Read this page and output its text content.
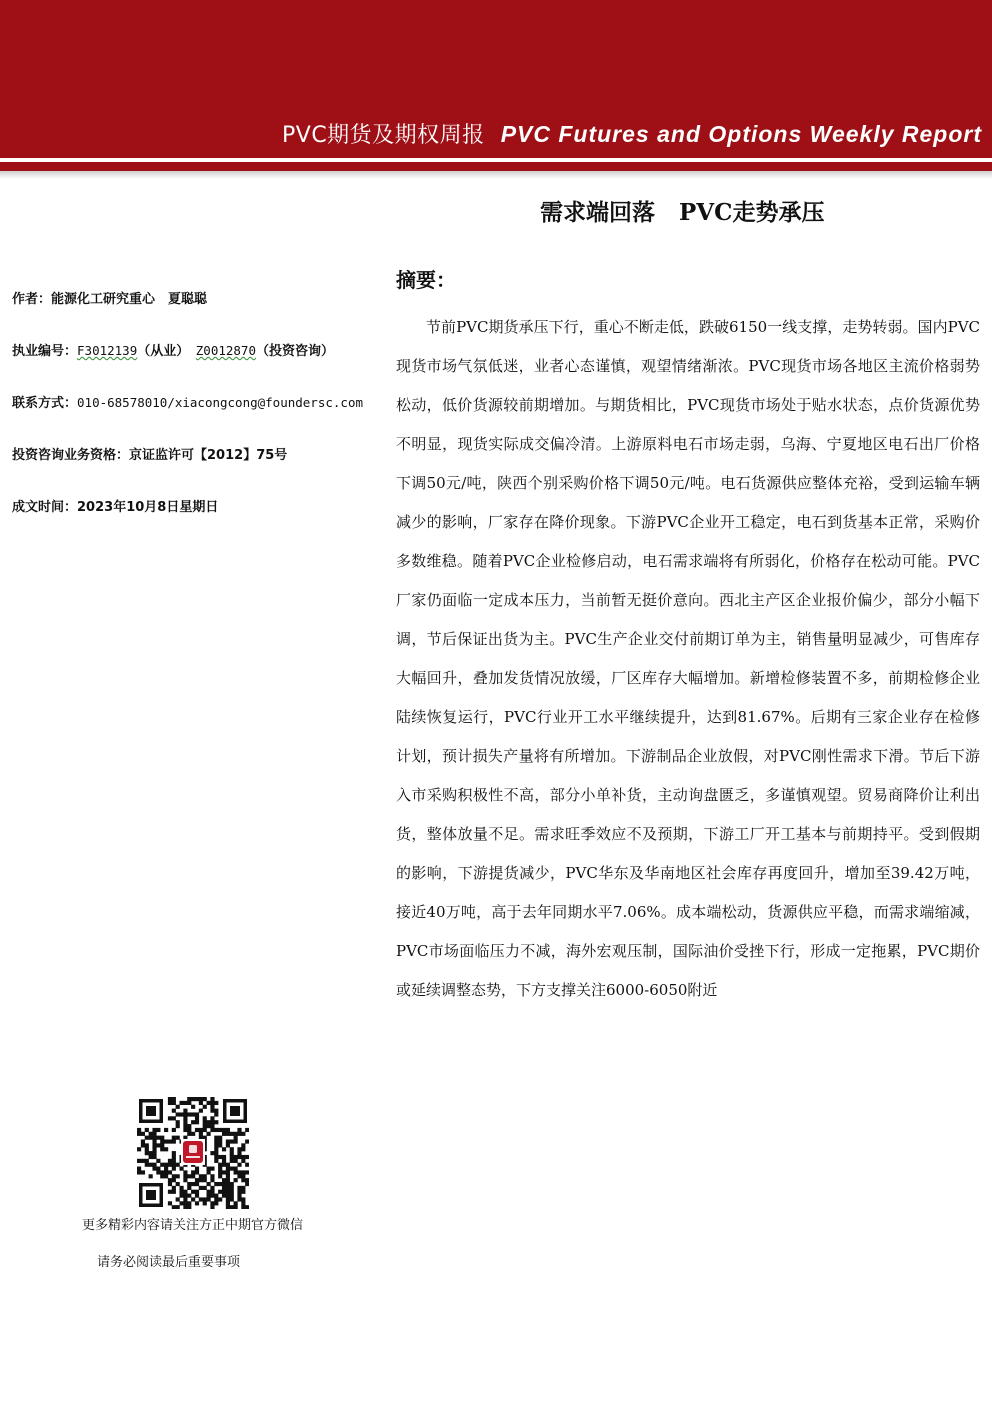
PVC期货及期权周报 PVC Futures and Options Weekly Report
需求端回落 PVC走势承压
作者：能源化工研究重心　夏聪聪
执业编号：F3012139（从业）　 Z0012870（投资咨询）
联系方式：010-68578010/xiacongcong@foundersc.com
投资咨询业务资格：京证监许可【2012】75号
成文时间：2023年10月8日星期日
摘要：
节前PVC期货承压下行，重心不断走低，跌破6150一线支撑，走势转弱。国内PVC现货市场气氛低迷，业者心态谨慎，观望情绪渐浓。PVC现货市场各地区主流价格弱势松动，低价货源较前期增加。与期货相比，PVC现货市场处于贴水状态，点价货源优势不明显，现货实际成交偏冷清。上游原料电石市场走弱，乌海、宁夏地区电石出厂价格下调50元/吨，陕西个别采购价格下调50元/吨。电石货源供应整体充裕，受到运输车辆减少的影响，厂家存在降价现象。下游PVC企业开工稳定，电石到货基本正常，采购价多数维稳。随着PVC企业检修启动，电石需求端将有所弱化，价格存在松动可能。PVC厂家仍面临一定成本压力，当前暂无挺价意向。西北主产区企业报价偏少，部分小幅下调，节后保证出货为主。PVC生产企业交付前期订单为主，销售量明显减少，可售库存大幅回升，叠加发货情况放缓，厂区库存大幅增加。新增检修装置不多，前期检修企业陆续恢复运行，PVC行业开工水平继续提升，达到81.67%。后期有三家企业存在检修计划，预计损失产量将有所增加。下游制品企业放假，对PVC刚性需求下滑。节后下游入市采购积极性不高，部分小单补货，主动询盘匮乏，多谨慎观望。贸易商降价让利出货，整体放量不足。需求旺季效应不及预期，下游工厂开工基本与前期持平。受到假期的影响，下游提货减少，PVC华东及华南地区社会库存再度回升，增加至39.42万吨，接近40万吨，高于去年同期水平7.06%。成本端松动，货源供应平稳，而需求端缩减，PVC市场面临压力不减，海外宏观压制，国际油价受挫下行，形成一定拖累，PVC期价或延续调整态势，下方支撑关注6000-6050附近
更多精彩内容请关注方正中期官方微信
请务必阅读最后重要事项
